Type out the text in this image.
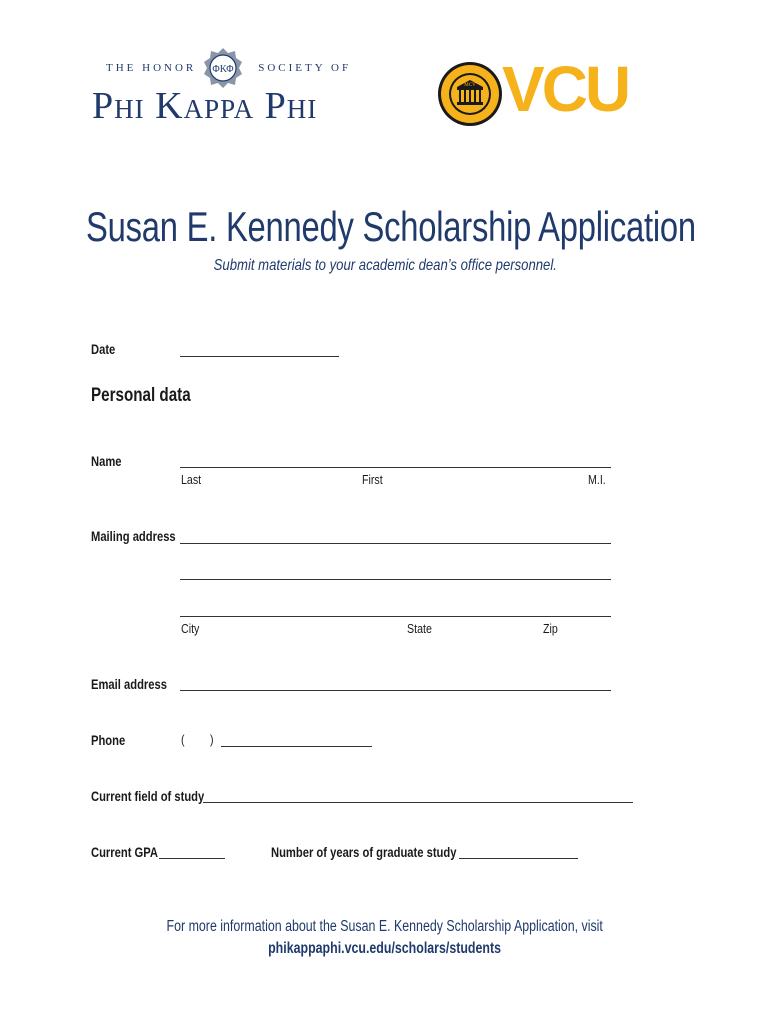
THE HONOR	SOCIETY OF
ΦΚΦ
Phi Kappa Phi	MCV VCU
Susan E. Kennedy Scholarship Application
Submit materials to your academic dean’s office personnel.
Date
Personal data
Name
Last	First	M.I.
Mailing address
City	State	Zip
Email address
Phone	( )
Current field of study
Current GPA	Number of years of graduate study
For more information about the Susan E. Kennedy Scholarship Application, visit
phikappaphi.vcu.edu/scholars/students
